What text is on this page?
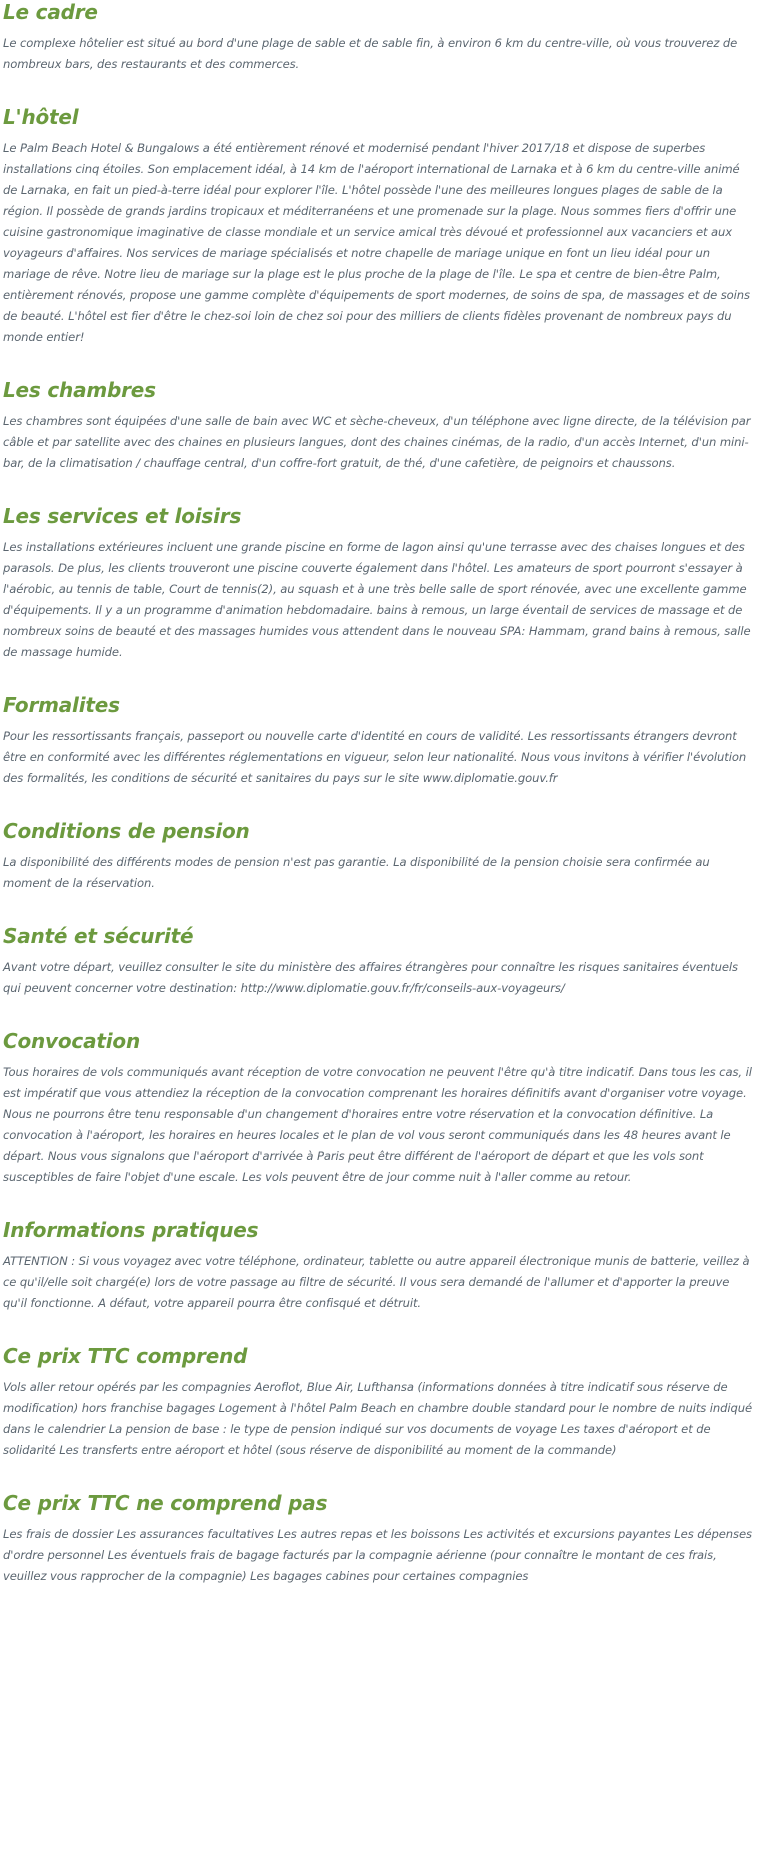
Le cadre

Le complexe hôtelier est situé au bord d'une plage de sable et de sable fin, à environ 6 km du centre-ville, où vous trouverez de nombreux bars, des restaurants et des commerces.

L'hôtel

Le Palm Beach Hotel & Bungalows a été entièrement rénové et modernisé pendant l'hiver 2017/18 et dispose de superbes installations cinq étoiles. Son emplacement idéal, à 14 km de l'aéroport international de Larnaka et à 6 km du centre-ville animé de Larnaka, en fait un pied-à-terre idéal pour explorer l'île. L'hôtel possède l'une des meilleures longues plages de sable de la région. Il possède de grands jardins tropicaux et méditerranéens et une promenade sur la plage. Nous sommes fiers d'offrir une cuisine gastronomique imaginative de classe mondiale et un service amical très dévoué et professionnel aux vacanciers et aux voyageurs d'affaires. Nos services de mariage spécialisés et notre chapelle de mariage unique en font un lieu idéal pour un mariage de rêve. Notre lieu de mariage sur la plage est le plus proche de la plage de l'île. Le spa et centre de bien-être Palm, entièrement rénovés, propose une gamme complète d'équipements de sport modernes, de soins de spa, de massages et de soins de beauté. L'hôtel est fier d'être le chez-soi loin de chez soi pour des milliers de clients fidèles provenant de nombreux pays du monde entier!

Les chambres

Les chambres sont équipées d'une salle de bain avec WC et sèche-cheveux, d'un téléphone avec ligne directe, de la télévision par câble et par satellite avec des chaines en plusieurs langues, dont des chaines cinémas, de la radio, d'un accès Internet, d'un mini-bar, de la climatisation / chauffage central, d'un coffre-fort gratuit, de thé, d'une cafetière, de peignoirs et chaussons.

Les services et loisirs

Les installations extérieures incluent une grande piscine en forme de lagon ainsi qu'une terrasse avec des chaises longues et des parasols. De plus, les clients trouveront une piscine couverte également dans l'hôtel. Les amateurs de sport pourront s'essayer à l'aérobic, au tennis de table, Court de tennis(2), au squash et à une très belle salle de sport rénovée, avec une excellente gamme d'équipements. Il y a un programme d'animation hebdomadaire. bains à remous, un large éventail de services de massage et de nombreux soins de beauté et des massages humides vous attendent dans le nouveau SPA: Hammam, grand bains à remous, salle de massage humide.

Formalites

Pour les ressortissants français, passeport ou nouvelle carte d'identité en cours de validité. Les ressortissants étrangers devront être en conformité avec les différentes réglementations en vigueur, selon leur nationalité. Nous vous invitons à vérifier l'évolution des formalités, les conditions de sécurité et sanitaires du pays sur le site www.diplomatie.gouv.fr

Conditions de pension

La disponibilité des différents modes de pension n'est pas garantie. La disponibilité de la pension choisie sera confirmée au moment de la réservation.

Santé et sécurité

Avant votre départ, veuillez consulter le site du ministère des affaires étrangères pour connaître les risques sanitaires éventuels qui peuvent concerner votre destination: http://www.diplomatie.gouv.fr/fr/conseils-aux-voyageurs/

Convocation

Tous horaires de vols communiqués avant réception de votre convocation ne peuvent l'être qu'à titre indicatif. Dans tous les cas, il est impératif que vous attendiez la réception de la convocation comprenant les horaires définitifs avant d'organiser votre voyage. Nous ne pourrons être tenu responsable d'un changement d'horaires entre votre réservation et la convocation définitive. La convocation à l'aéroport, les horaires en heures locales et le plan de vol vous seront communiqués dans les 48 heures avant le départ. Nous vous signalons que l'aéroport d'arrivée à Paris peut être différent de l'aéroport de départ et que les vols sont susceptibles de faire l'objet d'une escale. Les vols peuvent être de jour comme nuit à l'aller comme au retour.

Informations pratiques

ATTENTION : Si vous voyagez avec votre téléphone, ordinateur, tablette ou autre appareil électronique munis de batterie, veillez à ce qu'il/elle soit chargé(e) lors de votre passage au filtre de sécurité. Il vous sera demandé de l'allumer et d'apporter la preuve qu'il fonctionne. A défaut, votre appareil pourra être confisqué et détruit.

Ce prix TTC comprend

Vols aller retour opérés par les compagnies Aeroflot, Blue Air, Lufthansa (informations données à titre indicatif sous réserve de modification) hors franchise bagages Logement à l'hôtel Palm Beach en chambre double standard pour le nombre de nuits indiqué dans le calendrier La pension de base : le type de pension indiqué sur vos documents de voyage Les taxes d'aéroport et de solidarité Les transferts entre aéroport et hôtel (sous réserve de disponibilité au moment de la commande)

Ce prix TTC ne comprend pas

Les frais de dossier Les assurances facultatives Les autres repas et les boissons Les activités et excursions payantes Les dépenses d'ordre personnel Les éventuels frais de bagage facturés par la compagnie aérienne (pour connaître le montant de ces frais, veuillez vous rapprocher de la compagnie) Les bagages cabines pour certaines compagnies
